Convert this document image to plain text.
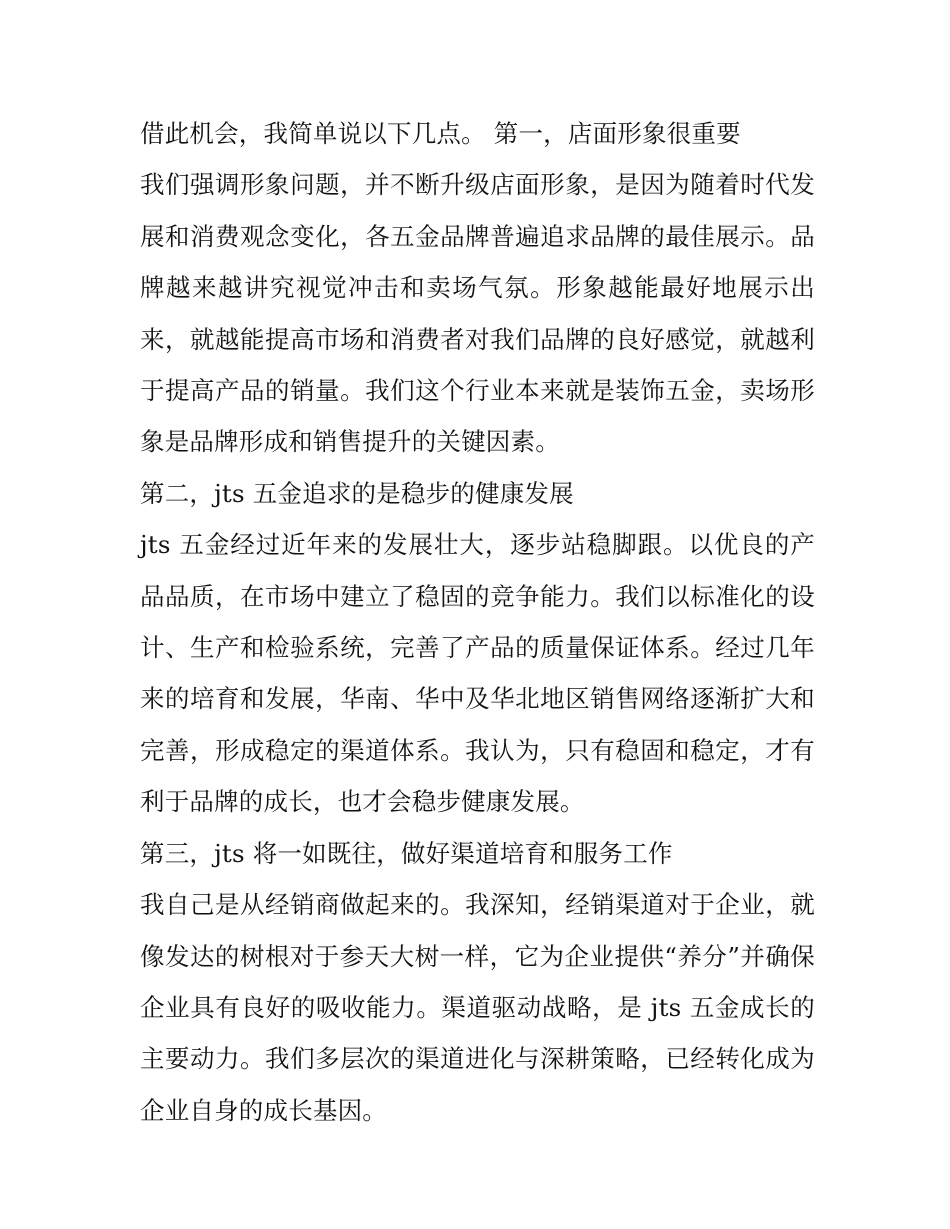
借此机会，我简单说以下几点。 第一，店面形象很重要

我们强调形象问题，并不断升级店面形象，是因为随着时代发展和消费观念变化，各五金品牌普遍追求品牌的最佳展示。品牌越来越讲究视觉冲击和卖场气氛。形象越能最好地展示出来，就越能提高市场和消费者对我们品牌的良好感觉，就越利于提高产品的销量。我们这个行业本来就是装饰五金，卖场形象是品牌形成和销售提升的关键因素。

第二，jts 五金追求的是稳步的健康发展

jts 五金经过近年来的发展壮大，逐步站稳脚跟。以优良的产品品质，在市场中建立了稳固的竞争能力。我们以标准化的设计、生产和检验系统，完善了产品的质量保证体系。经过几年来的培育和发展，华南、华中及华北地区销售网络逐渐扩大和完善，形成稳定的渠道体系。我认为，只有稳固和稳定，才有利于品牌的成长，也才会稳步健康发展。

第三，jts 将一如既往，做好渠道培育和服务工作

我自己是从经销商做起来的。我深知，经销渠道对于企业，就像发达的树根对于参天大树一样，它为企业提供“养分”并确保企业具有良好的吸收能力。渠道驱动战略，是 jts 五金成长的主要动力。我们多层次的渠道进化与深耕策略，已经转化成为企业自身的成长基因。
